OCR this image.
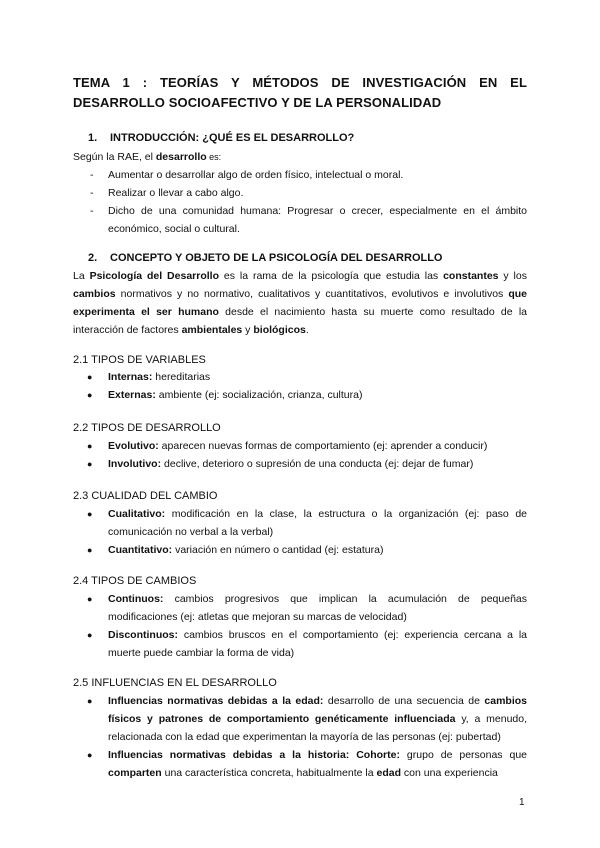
TEMA 1 : TEORÍAS Y MÉTODOS DE INVESTIGACIÓN EN EL DESARROLLO SOCIOAFECTIVO Y DE LA PERSONALIDAD
1. INTRODUCCIÓN: ¿QUÉ ES EL DESARROLLO?
Según la RAE, el desarrollo es:
- Aumentar o desarrollar algo de orden físico, intelectual o moral.
- Realizar o llevar a cabo algo.
- Dicho de una comunidad humana: Progresar o crecer, especialmente en el ámbito económico, social o cultural.
2. CONCEPTO Y OBJETO DE LA PSICOLOGÍA DEL DESARROLLO
La Psicología del Desarrollo es la rama de la psicología que estudia las constantes y los cambios normativos y no normativo, cualitativos y cuantitativos, evolutivos e involutivos que experimenta el ser humano desde el nacimiento hasta su muerte como resultado de la interacción de factores ambientales y biológicos.
2.1 TIPOS DE VARIABLES
● Internas: hereditarias
● Externas: ambiente (ej: socialización, crianza, cultura)
2.2 TIPOS DE DESARROLLO
● Evolutivo: aparecen nuevas formas de comportamiento (ej: aprender a conducir)
● Involutivo: declive, deterioro o supresión de una conducta (ej: dejar de fumar)
2.3 CUALIDAD DEL CAMBIO
● Cualitativo: modificación en la clase, la estructura o la organización (ej: paso de comunicación no verbal a la verbal)
● Cuantitativo: variación en número o cantidad (ej: estatura)
2.4 TIPOS DE CAMBIOS
● Continuos: cambios progresivos que implican la acumulación de pequeñas modificaciones (ej: atletas que mejoran su marcas de velocidad)
● Discontinuos: cambios bruscos en el comportamiento (ej: experiencia cercana a la muerte puede cambiar la forma de vida)
2.5 INFLUENCIAS EN EL DESARROLLO
● Influencias normativas debidas a la edad: desarrollo de una secuencia de cambios físicos y patrones de comportamiento genéticamente influenciada y, a menudo, relacionada con la edad que experimentan la mayoría de las personas (ej: pubertad)
● Influencias normativas debidas a la historia: Cohorte: grupo de personas que comparten una característica concreta, habitualmente la edad con una experiencia
1
